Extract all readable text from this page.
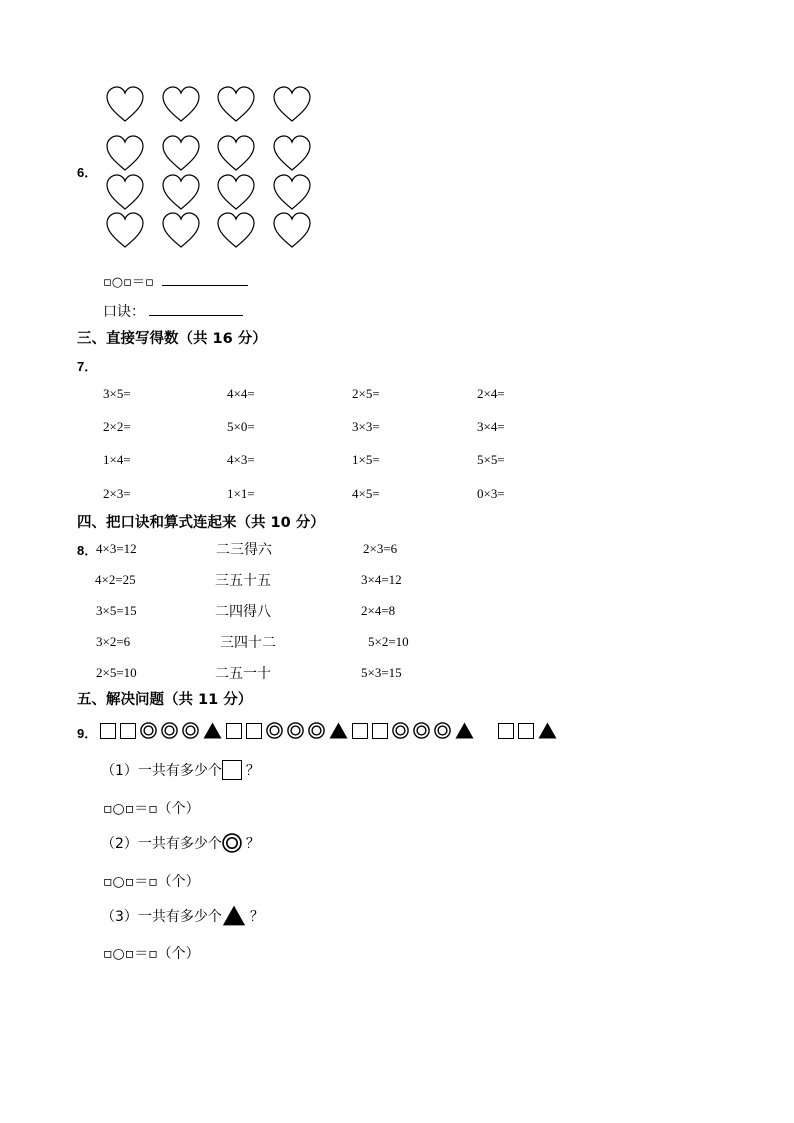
6．
▫○▫＝▫
口诀：
三、直接写得数（共 16 分）
7．
3×5=	4×4=	2×5=	2×4=
2×2=	5×0=	3×3=	3×4=
1×4=	4×3=	1×5=	5×5=
2×3=	1×1=	4×5=	0×3=
四、把口诀和算式连起来（共 10 分）
8．
4×3=12	二三得六	2×3=6
4×2=25	三五十五	3×4=12
3×5=15	二四得八	2×4=8
3×2=6	三四十二	5×2=10
2×5=10	二五一十	5×3=15
五、解决问题（共 11 分）
9．
（1）一共有多少个 ？
▫○▫＝▫（个）
（2）一共有多少个 ？
▫○▫＝▫（个）
（3）一共有多少个 ？
▫○▫＝▫（个）
